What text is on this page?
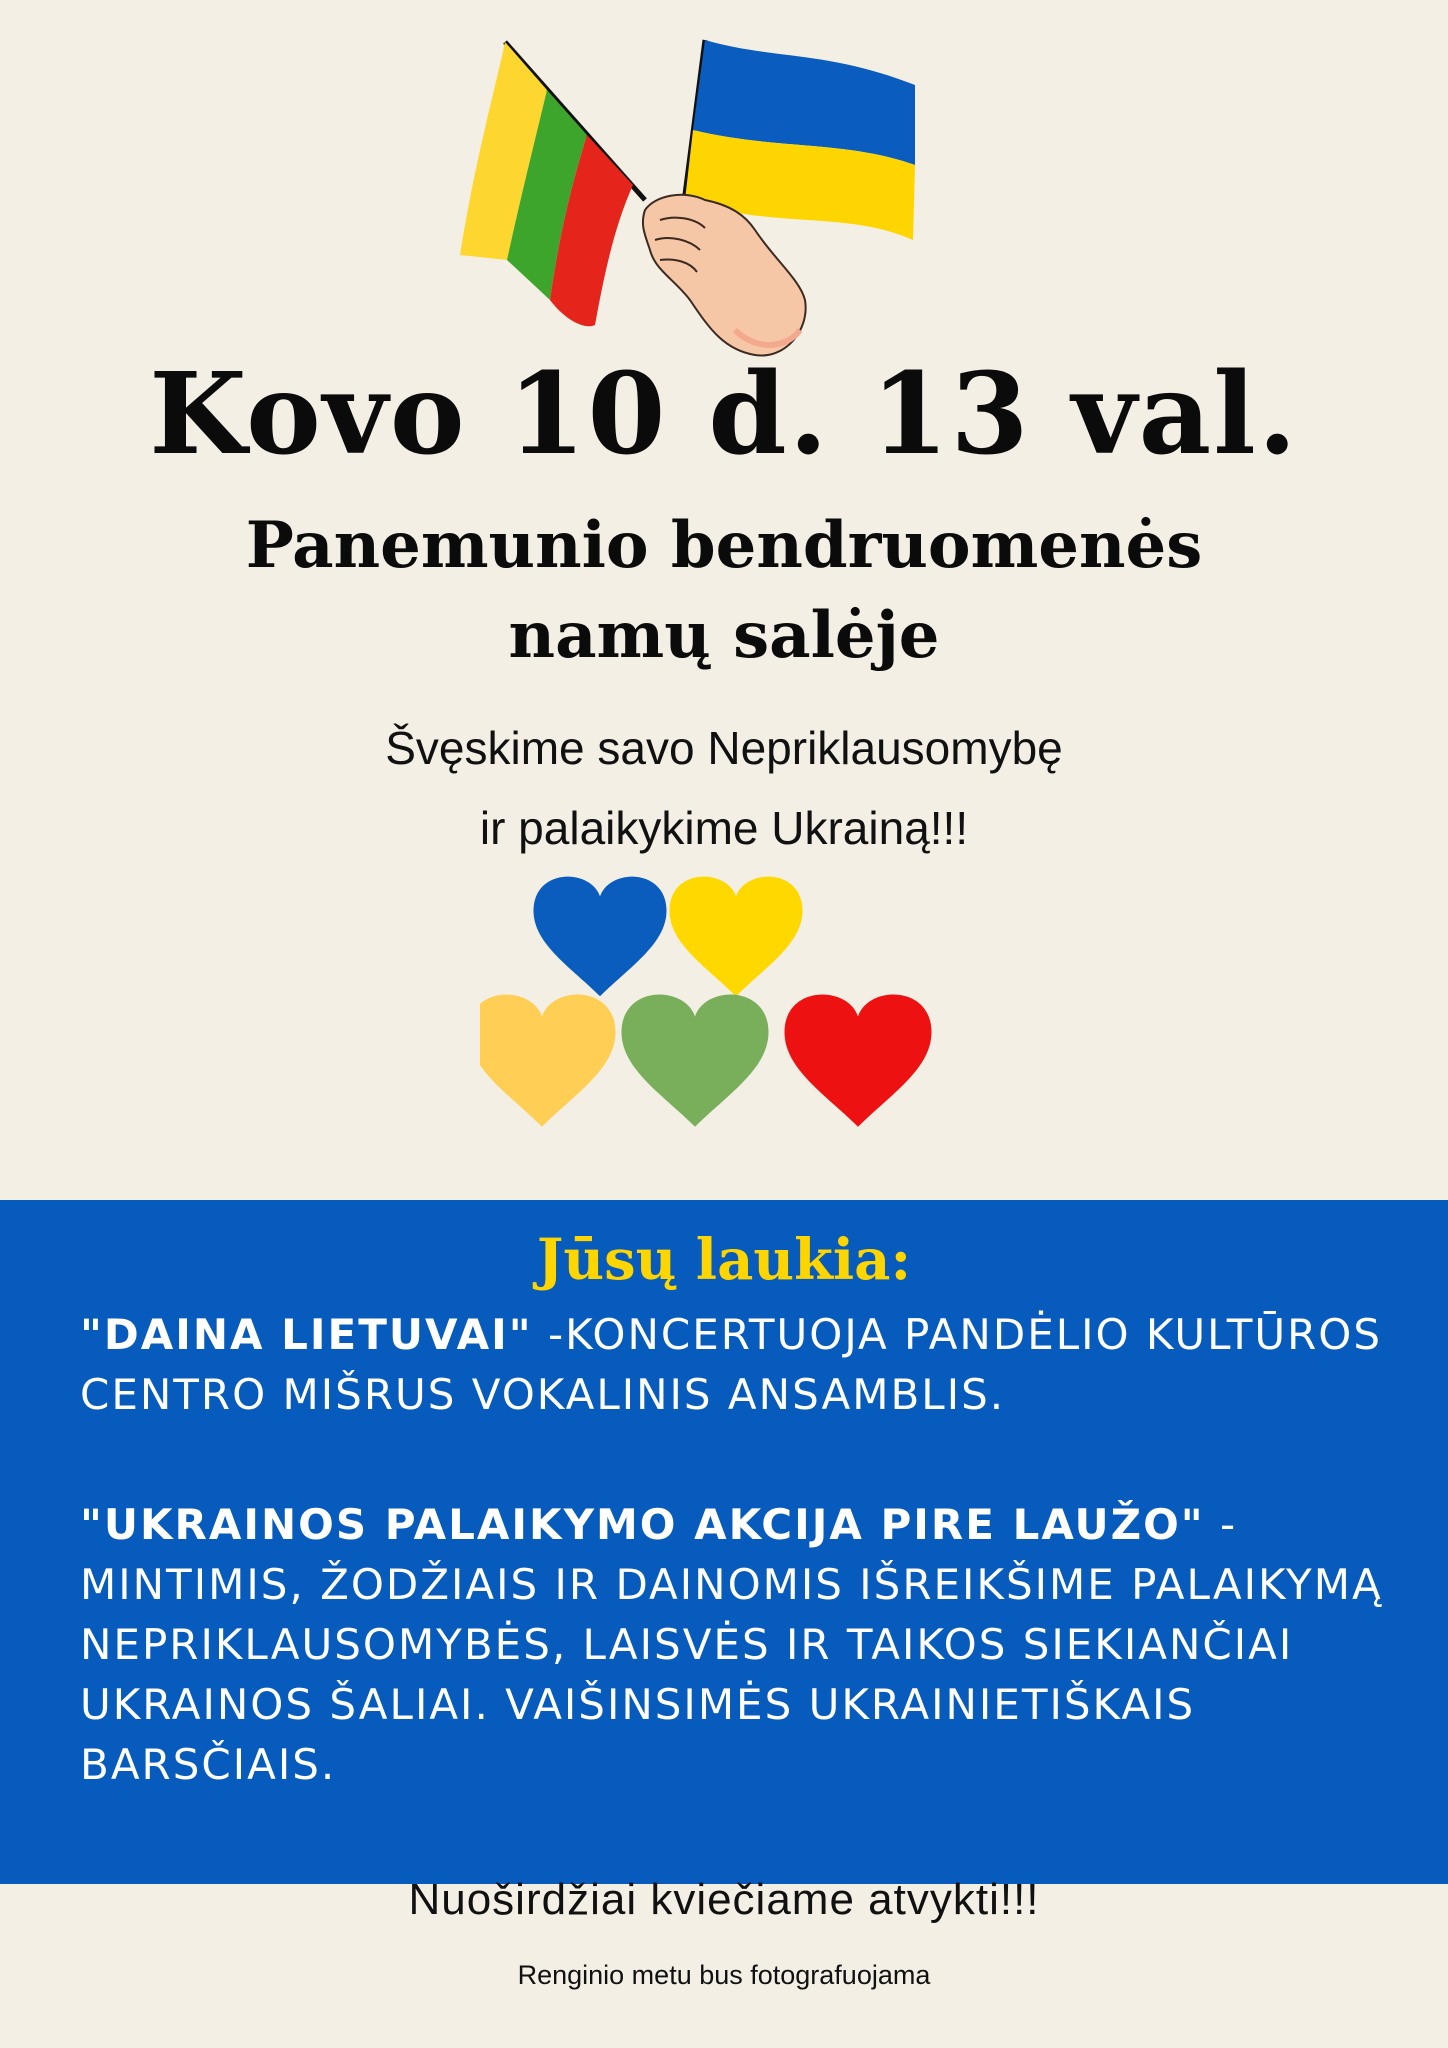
Kovo 10 d. 13 val.
Panemunio bendruomenės
namų salėje

Švęskime savo Nepriklausomybę

ir palaikykime Ukrainą!!!

Jūsų laukia:

"DAINA LIETUVAI" -KONCERTUOJA PANDĖLIO KULTŪROS CENTRO MIŠRUS VOKALINIS ANSAMBLIS.

"UKRAINOS PALAIKYMO AKCIJA PIRE LAUŽO" - MINTIMIS, ŽODŽIAIS IR DAINOMIS IŠREIKŠIME PALAIKYMĄ NEPRIKLAUSOMYBĖS, LAISVĖS IR TAIKOS SIEKIANČIAI UKRAINOS ŠALIAI. VAIŠINSIMĖS UKRAINIETIŠKAIS BARSČIAIS.

Nuoširdžiai kviečiame atvykti!!!

Renginio metu bus fotografuojama
